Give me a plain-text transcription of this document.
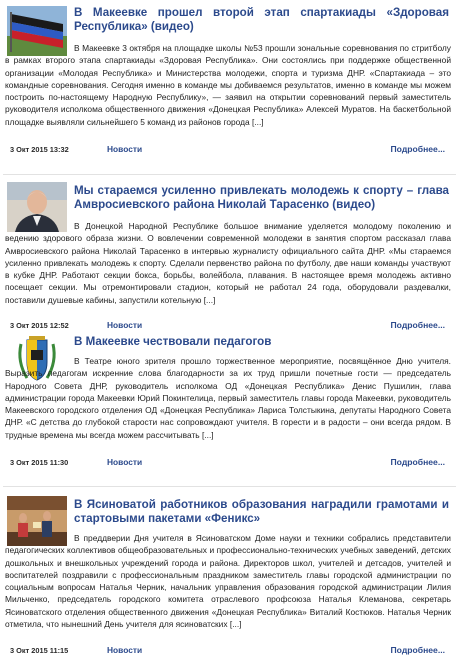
В Макеевке прошел второй этап спартакиады «Здоровая Республика» (видео)

В Макеевке 3 октября на площадке школы №53 прошли зональные соревнования по стритболу в рамках второго этапа спартакиады «Здоровая Республика». Они состоялись при поддержке общественной организации «Молодая Республика» и Министерства молодежи, спорта и туризма ДНР. «Спартакиада – это командные соревнования. Сегодня именно в команде мы добиваемся результатов, именно в команде мы можем построить по-настоящему Народную Республику», — заявил на открытии соревнований первый заместитель руководителя исполкома общественного движения «Донецкая Республика» Алексей Муратов. На баскетбольной площадке выявляли сильнейшего 5 команд из районов города [...]

3 Окт 2015 13:32	Новости	Подробнее...
Мы стараемся усиленно привлекать молодежь к спорту – глава Амвросиевского района Николай Тарасенко (видео)

В Донецкой Народной Республике большое внимание уделяется молодому поколению и ведению здорового образа жизни. О вовлечении современной молодежи в занятия спортом рассказал глава Амвросиевского района Николай Тарасенко в интервью журналисту официального сайта ДНР. «Мы стараемся усиленно привлекать молодежь к спорту. Сделали первенство района по футболу, две наши команды участвуют в кубке ДНР. Работают секции бокса, борьбы, волейбола, плавания. В настоящее время молодежь активно посещает секции. Мы отремонтировали стадион, который не работал 24 года, оборудовали раздевалки, поставили душевые кабины, запустили котельную [...]

3 Окт 2015 12:52	Новости	Подробнее...
В Макеевке чествовали педагогов

В Театре юного зрителя прошло торжественное мероприятие, посвящённое Дню учителя. Выразить педагогам искренние слова благодарности за их труд пришли почетные гости — председатель Народного Совета ДНР, руководитель исполкома ОД «Донецкая Республика» Денис Пушилин, глава администрации города Макеевки Юрий Покинтелица, первый заместитель главы города Макеевки, руководитель Макеевского городского отделения ОД «Донецкая Республика» Лариса Толстыкина, депутаты Народного Совета ДНР. «С детства до глубокой старости нас сопровождают учителя. В горести и в радости – они всегда рядом. В трудные времена мы всегда можем рассчитывать [...]

3 Окт 2015 11:30	Новости	Подробнее...
В Ясиноватой работников образования наградили грамотами и стартовыми пакетами «Феникс»

В преддверии Дня учителя в Ясиноватском Доме науки и техники собрались представители педагогических коллективов общеобразовательных и профессионально-технических учебных заведений, детских дошкольных и внешкольных учреждений города и района. Директоров школ, учителей и детсадов, учителей и воспитателей поздравили с профессиональным праздником заместитель главы городской администрации по социальным вопросам Наталья Черник, начальник управления образования городской администрации Лилия Мильченко, председатель городского комитета отраслевого профсоюза Наталья Клеманова, секретарь Ясиноватского отделения общественного движения «Донецкая Республика» Виталий Костюков. Наталья Черник отметила, что нынешний День учителя для ясиноватских [...]

3 Окт 2015 11:15	Новости	Подробнее...
